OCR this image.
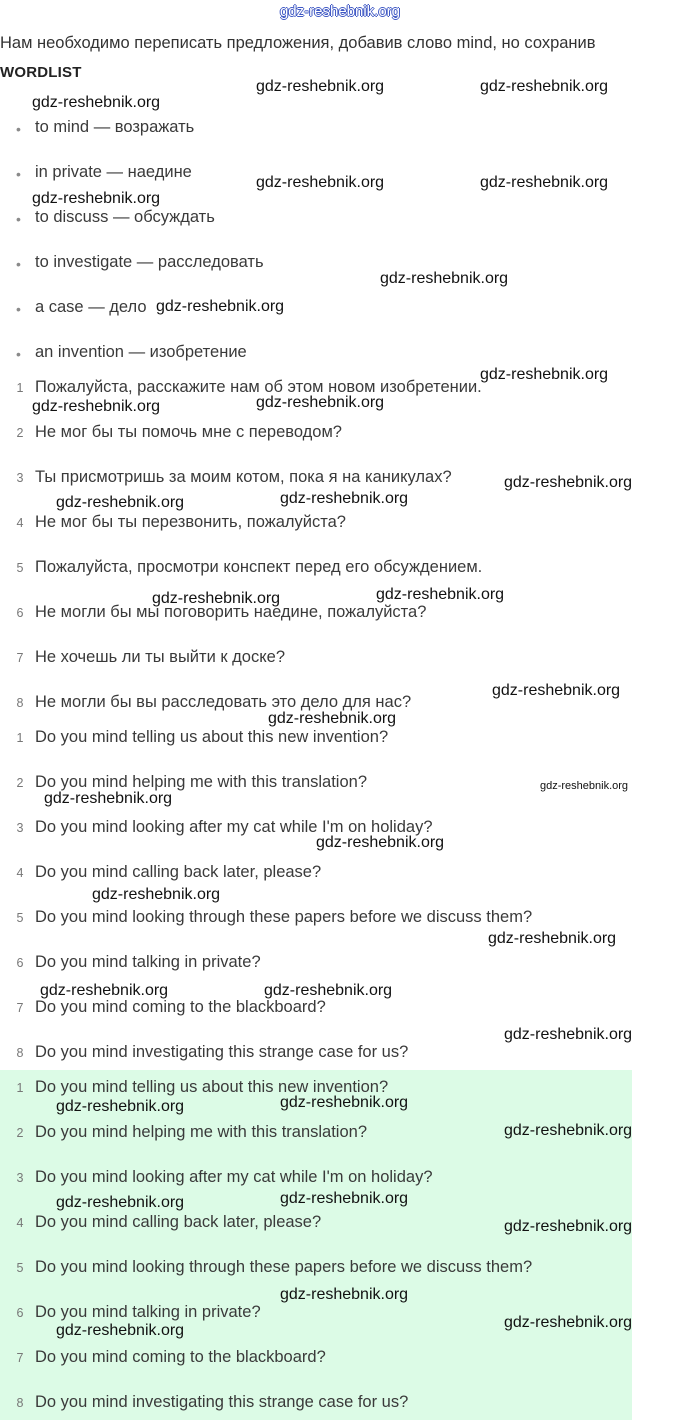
gdz-reshebnik.org
Нам необходимо переписать предложения, добавив слово mind, но сохранив
WORDLIST
• to mind — возражать
• in private — наедине
• to discuss — обсуждать
• to investigate — расследовать
• a case — дело
• an invention — изобретение
1 Пожалуйста, расскажите нам об этом новом изобретении.
2 Не мог бы ты помочь мне с переводом?
3 Ты присмотришь за моим котом, пока я на каникулах?
4 Не мог бы ты перезвонить, пожалуйста?
5 Пожалуйста, просмотри конспект перед его обсуждением.
6 Не могли бы мы поговорить наедине, пожалуйста?
7 Не хочешь ли ты выйти к доске?
8 Не могли бы вы расследовать это дело для нас?
1 Do you mind telling us about this new invention?
2 Do you mind helping me with this translation?
3 Do you mind looking after my cat while I'm on holiday?
4 Do you mind calling back later, please?
5 Do you mind looking through these papers before we discuss them?
6 Do you mind talking in private?
7 Do you mind coming to the blackboard?
8 Do you mind investigating this strange case for us?
1 Do you mind telling us about this new invention?
2 Do you mind helping me with this translation?
3 Do you mind looking after my cat while I'm on holiday?
4 Do you mind calling back later, please?
5 Do you mind looking through these papers before we discuss them?
6 Do you mind talking in private?
7 Do you mind coming to the blackboard?
8 Do you mind investigating this strange case for us?
gdz-reshebnik.org	gdz-reshebnik.org
gdz-reshebnik.org
gdz-reshebnik.org	gdz-reshebnik.org
gdz-reshebnik.org
gdz-reshebnik.org
gdz-reshebnik.org
gdz-reshebnik.org
gdz-reshebnik.org	gdz-reshebnik.org
gdz-reshebnik.org
gdz-reshebnik.org	gdz-reshebnik.org
gdz-reshebnik.org	gdz-reshebnik.org
gdz-reshebnik.org
gdz-reshebnik.org
gdz-reshebnik.org
gdz-reshebnik.org
gdz-reshebnik.org
gdz-reshebnik.org
gdz-reshebnik.org
gdz-reshebnik.org	gdz-reshebnik.org
gdz-reshebnik.org
gdz-reshebnik.org	gdz-reshebnik.org
gdz-reshebnik.org
gdz-reshebnik.org	gdz-reshebnik.org
gdz-reshebnik.org
gdz-reshebnik.org
gdz-reshebnik.org
gdz-reshebnik.org
